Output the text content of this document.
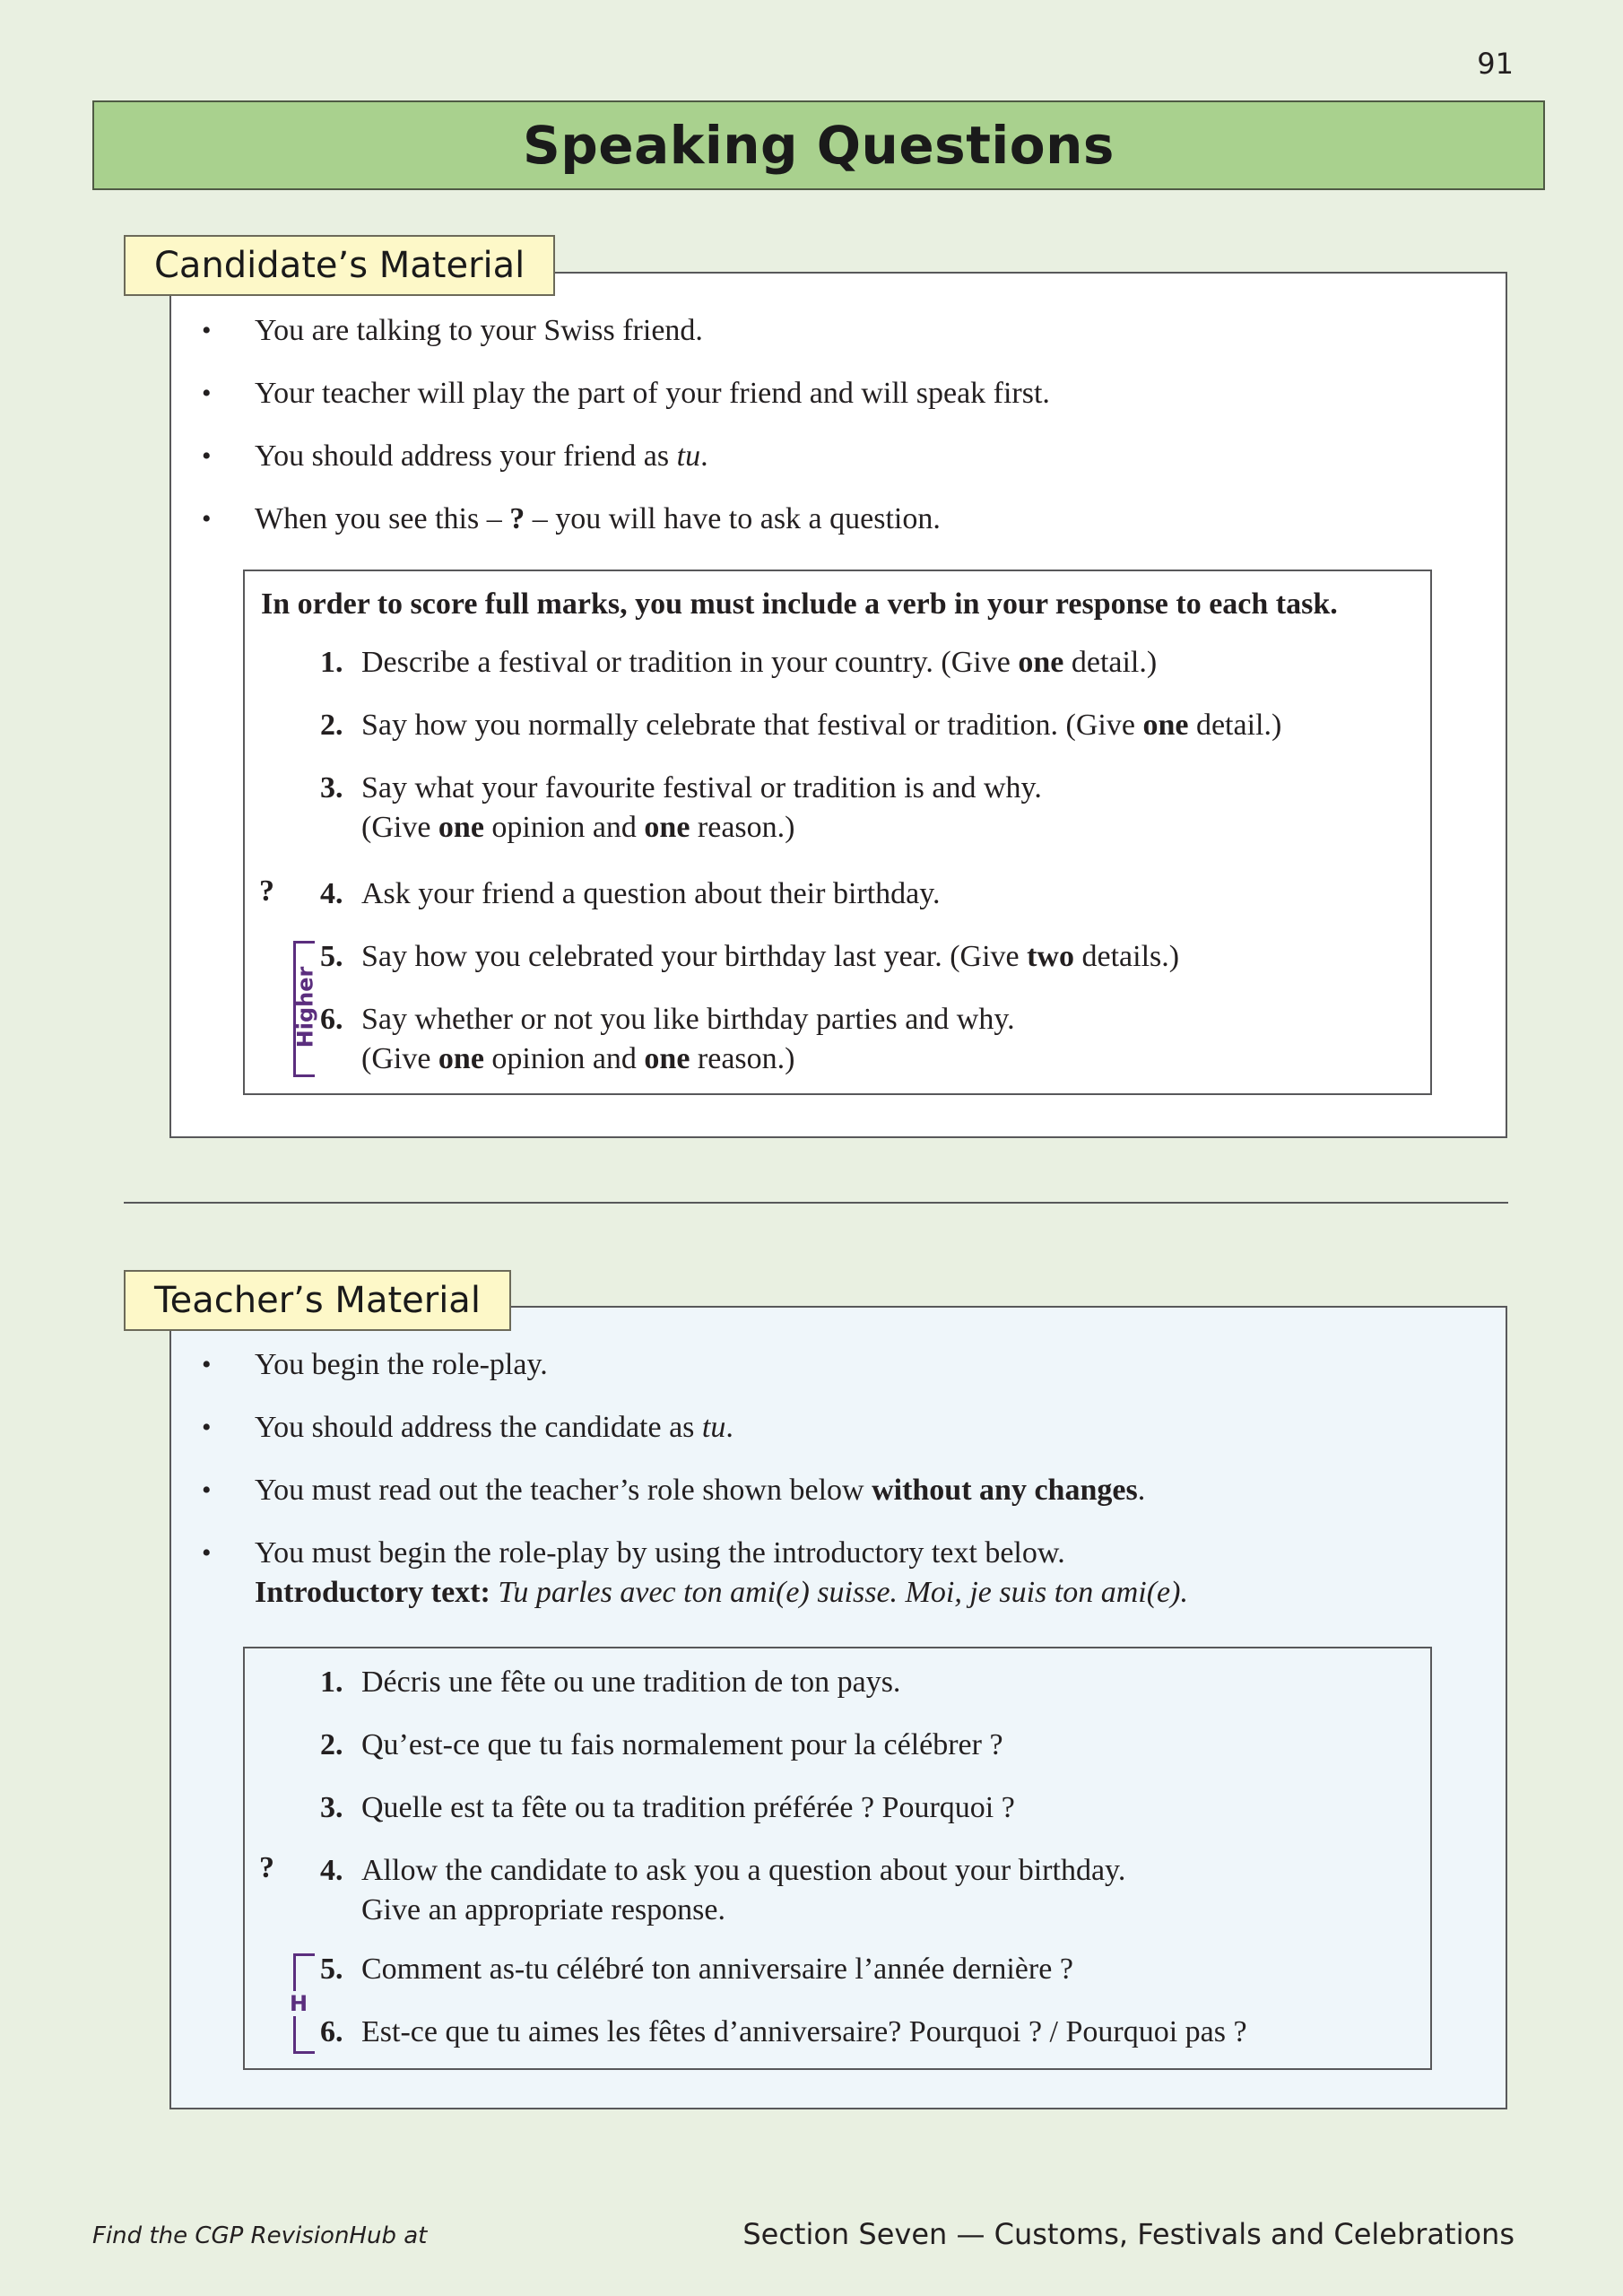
91
Speaking Questions
• You are talking to your Swiss friend.
• Your teacher will play the part of your friend and will speak first.
• You should address your friend as tu.
• When you see this – ? – you will have to ask a question.
In order to score full marks, you must include a verb in your response to each task.
1. Describe a festival or tradition in your country. (Give one detail.)
2. Say how you normally celebrate that festival or tradition. (Give one detail.)
3. Say what your favourite festival or tradition is and why.
(Give one opinion and one reason.)
? 4. Ask your friend a question about their birthday.
Higher
5. Say how you celebrated your birthday last year. (Give two details.)
6. Say whether or not you like birthday parties and why.
(Give one opinion and one reason.)
Candidate’s Material
• You begin the role-play.
• You should address the candidate as tu.
• You must read out the teacher’s role shown below without any changes.
• You must begin the role-play by using the introductory text below.
Introductory text: Tu parles avec ton ami(e) suisse. Moi, je suis ton ami(e).
1. Décris une fête ou une tradition de ton pays.
2. Qu’est-ce que tu fais normalement pour la célébrer ?
3. Quelle est ta fête ou ta tradition préférée ? Pourquoi ?
? 4. Allow the candidate to ask you a question about your birthday.
Give an appropriate response.
H
5. Comment as-tu célébré ton anniversaire l’année dernière ?
6. Est-ce que tu aimes les fêtes d’anniversaire? Pourquoi ? / Pourquoi pas ?
Teacher’s Material
Find the CGP RevisionHub at	Section Seven — Customs, Festivals and Celebrations
